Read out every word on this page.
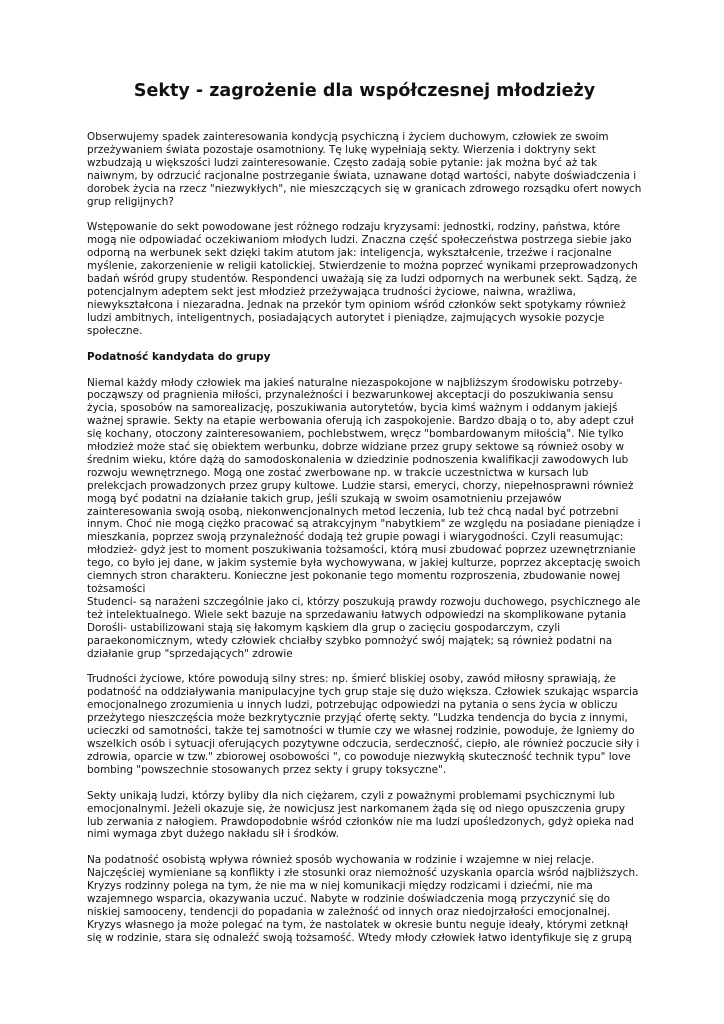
Sekty - zagrożenie dla współczesnej młodzieży

Obserwujemy spadek zainteresowania kondycją psychiczną i życiem duchowym, człowiek ze swoim przeżywaniem świata pozostaje osamotniony. Tę lukę wypełniają sekty. Wierzenia i doktryny sekt wzbudzają u większości ludzi zainteresowanie. Często zadają sobie pytanie: jak można być aż tak naiwnym, by odrzucić racjonalne postrzeganie świata, uznawane dotąd wartości, nabyte doświadczenia i dorobek życia na rzecz "niezwykłych", nie mieszczących się w granicach zdrowego rozsądku ofert nowych grup religijnych?

Wstępowanie do sekt powodowane jest różnego rodzaju kryzysami: jednostki, rodziny, państwa, które mogą nie odpowiadać oczekiwaniom młodych ludzi. Znaczna część społeczeństwa postrzega siebie jako odporną na werbunek sekt dzięki takim atutom jak: inteligencja, wykształcenie, trzeźwe i racjonalne myślenie, zakorzenienie w religii katolickiej. Stwierdzenie to można poprzeć wynikami przeprowadzonych badań wśród grupy studentów. Respondenci uważają się za ludzi odpornych na werbunek sekt. Sądzą, że potencjalnym adeptem sekt jest młodzież przeżywająca trudności życiowe, naiwna, wrażliwa, niewykształcona i niezaradna. Jednak na przekór tym opiniom wśród członków sekt spotykamy również ludzi ambitnych, inteligentnych, posiadających autorytet i pieniądze, zajmujących wysokie pozycje społeczne.

Podatność kandydata do grupy

Niemal każdy młody człowiek ma jakieś naturalne niezaspokojone w najbliższym środowisku potrzeby- począwszy od pragnienia miłości, przynależności i bezwarunkowej akceptacji do poszukiwania sensu życia, sposobów na samorealizację, poszukiwania autorytetów, bycia kimś ważnym i oddanym jakiejś ważnej sprawie. Sekty na etapie werbowania oferują ich zaspokojenie. Bardzo dbają o to, aby adept czuł się kochany, otoczony zainteresowaniem, pochlebstwem, wręcz "bombardowanym miłością". Nie tylko młodzież może stać się obiektem werbunku, dobrze widziane przez grupy sektowe są również osoby w średnim wieku, które dążą do samodoskonalenia w dziedzinie podnoszenia kwalifikacji zawodowych lub rozwoju wewnętrznego. Mogą one zostać zwerbowane np. w trakcie uczestnictwa w kursach lub prelekcjach prowadzonych przez grupy kultowe. Ludzie starsi, emeryci, chorzy, niepełnosprawni również mogą być podatni na działanie takich grup, jeśli szukają w swoim osamotnieniu przejawów zainteresowania swoją osobą, niekonwencjonalnych metod leczenia, lub też chcą nadal być potrzebni innym. Choć nie mogą ciężko pracować są atrakcyjnym "nabytkiem" ze względu na posiadane pieniądze i mieszkania, poprzez swoją przynależność dodają też grupie powagi i wiarygodności. Czyli reasumując: młodzież- gdyż jest to moment poszukiwania tożsamości, którą musi zbudować poprzez uzewnętrznianie tego, co było jej dane, w jakim systemie była wychowywana, w jakiej kulturze, poprzez akceptację swoich ciemnych stron charakteru. Konieczne jest pokonanie tego momentu rozproszenia, zbudowanie nowej tożsamości

Studenci- są narażeni szczególnie jako ci, którzy poszukują prawdy rozwoju duchowego, psychicznego ale też intelektualnego. Wiele sekt bazuje na sprzedawaniu łatwych odpowiedzi na skomplikowane pytania

Dorośli- ustabilizowani stają się łakomym kąskiem dla grup o zacięciu gospodarczym, czyli paraekonomicznym, wtedy człowiek chciałby szybko pomnożyć swój majątek; są również podatni na działanie grup "sprzedających" zdrowie

Trudności życiowe, które powodują silny stres: np. śmierć bliskiej osoby, zawód miłosny sprawiają, że podatność na oddziaływania manipulacyjne tych grup staje się dużo większa. Człowiek szukając wsparcia emocjonalnego zrozumienia u innych ludzi, potrzebując odpowiedzi na pytania o sens życia w obliczu przeżytego nieszczęścia może bezkrytycznie przyjąć ofertę sekty. "Ludzka tendencja do bycia z innymi, ucieczki od samotności, także tej samotności w tłumie czy we własnej rodzinie, powoduje, że lgniemy do wszelkich osób i sytuacji oferujących pozytywne odczucia, serdeczność, ciepło, ale również poczucie siły i zdrowia, oparcie w tzw." zbiorowej osobowości ", co powoduje niezwykłą skuteczność technik typu" love bombing "powszechnie stosowanych przez sekty i grupy toksyczne".

Sekty unikają ludzi, którzy byliby dla nich ciężarem, czyli z poważnymi problemami psychicznymi lub emocjonalnymi. Jeżeli okazuje się, że nowicjusz jest narkomanem żąda się od niego opuszczenia grupy lub zerwania z nałogiem. Prawdopodobnie wśród członków nie ma ludzi upośledzonych, gdyż opieka nad nimi wymaga zbyt dużego nakładu sił i środków.

Na podatność osobistą wpływa również sposób wychowania w rodzinie i wzajemne w niej relacje. Najczęściej wymieniane są konflikty i złe stosunki oraz niemożność uzyskania oparcia wśród najbliższych. Kryzys rodzinny polega na tym, że nie ma w niej komunikacji między rodzicami i dziećmi, nie ma wzajemnego wsparcia, okazywania uczuć. Nabyte w rodzinie doświadczenia mogą przyczynić się do niskiej samooceny, tendencji do popadania w zależność od innych oraz niedojrzałości emocjonalnej. Kryzys własnego ja może polegać na tym, że nastolatek w okresie buntu neguje ideały, którymi zetknął się w rodzinie, stara się odnaleźć swoją tożsamość. Wtedy młody człowiek łatwo identyfikuje się z grupą
